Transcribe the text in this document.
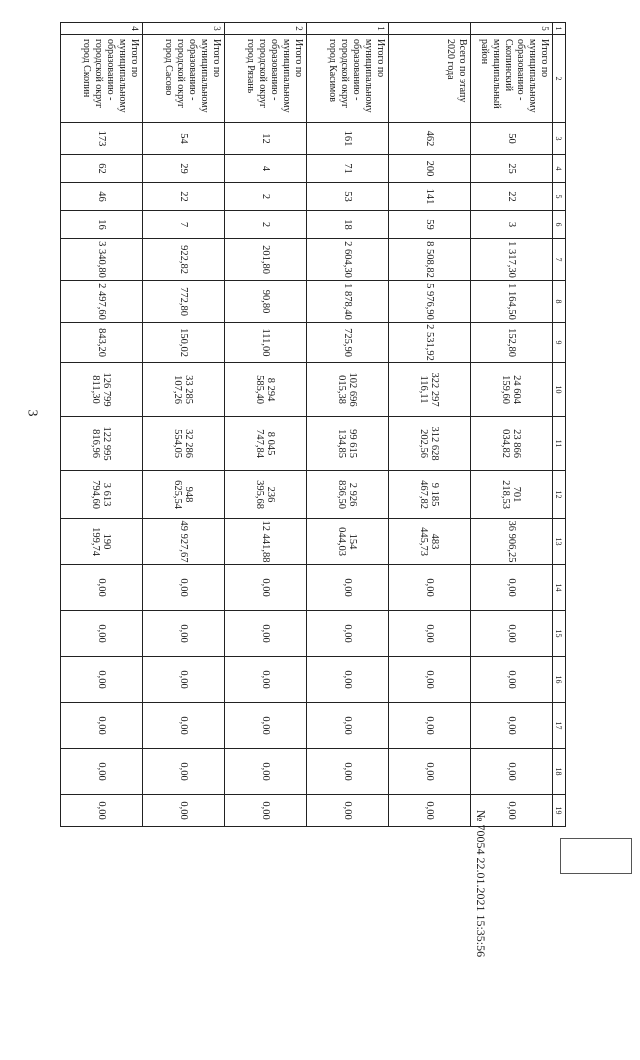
3
1	2	3	4	5	6	7	8	9	10	11	12	13	14	15	16	17	18	19
5	Итого по муниципальному образованию - Скопинский муниципальный район	50	25	22	3	1 317,30	1 164,50	152,80	24 604 159,60	23 866 034,82	701 218,53	36 906,25	0,00	0,00	0,00	0,00	0,00	0,00
	Всего по этапу 2020 года	462	200	141	59	8 508,82	5 976,90	2 531,92	322 297 116,11	312 628 202,56	9 185 467,82	483 445,73	0,00	0,00	0,00	0,00	0,00	0,00
1	Итого по муниципальному образованию - городской округ город Касимов	161	71	53	18	2 604,30	1 878,40	725,90	102 696 015,38	99 615 134,85	2 926 836,50	154 044,03	0,00	0,00	0,00	0,00	0,00	0,00
2	Итого по муниципальному образованию - городской округ город Рязань	12	4	2	2	201,80	90,80	111,00	8 294 585,40	8 045 747,84	236 395,68	12 441,88	0,00	0,00	0,00	0,00	0,00	0,00
3	Итого по муниципальному образованию - городской округ город Сасово	54	29	22	7	922,82	772,80	150,02	33 285 107,26	32 286 554,05	948 625,54	49 927,67	0,00	0,00	0,00	0,00	0,00	0,00
4	Итого по муниципальному образованию - городской округ город Скопин	173	62	46	16	3 340,80	2 497,60	843,20	126 799 811,30	122 995 816,96	3 613 794,60	190 199,74	0,00	0,00	0,00	0,00	0,00	0,00	№ 70054 22.01.2021 15:35:56
